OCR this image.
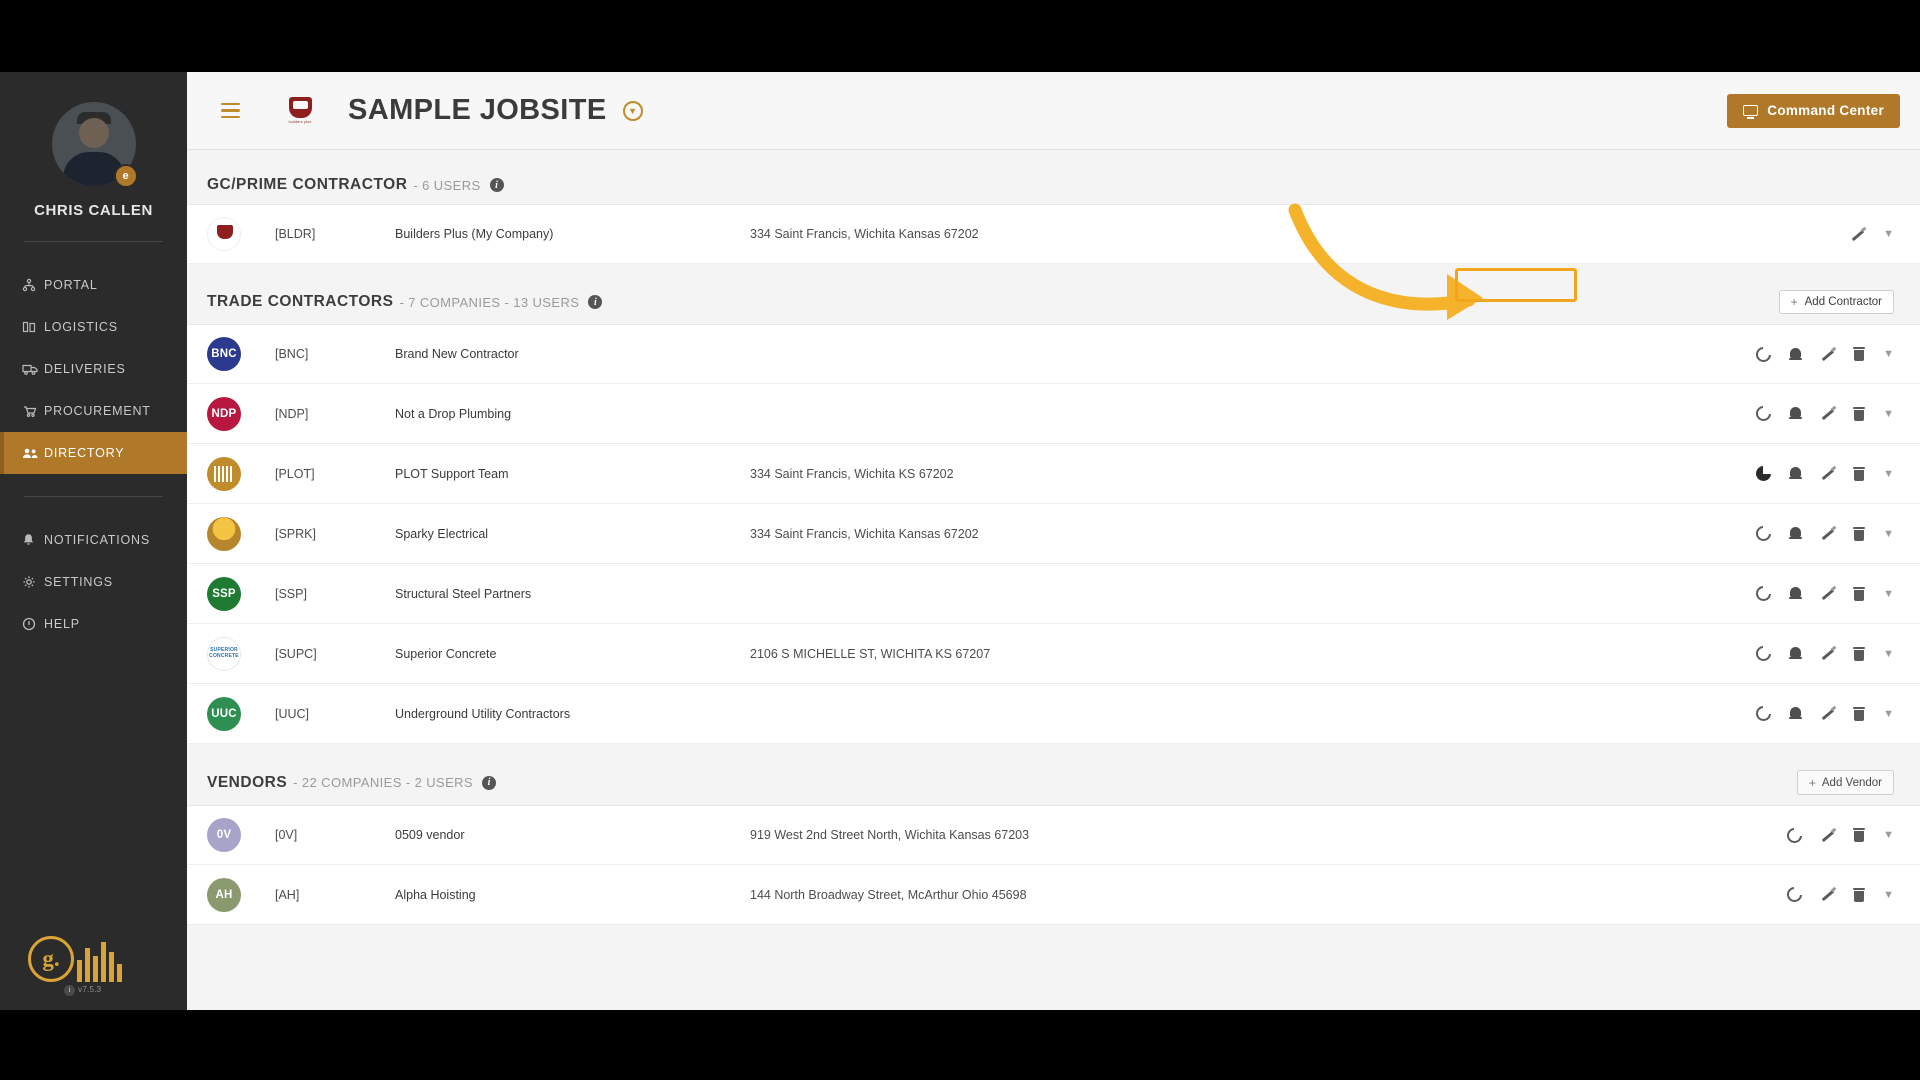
e
CHRIS CALLEN
PORTAL
LOGISTICS
DELIVERIES
PROCUREMENT
DIRECTORY
NOTIFICATIONS
SETTINGS
HELP
g.
i v7.5.3
builders plus SAMPLE JOBSITE	▼	Command Center
GC/PRIME CONTRACTOR - 6 USERS	i
[BLDR]	Builders Plus (My Company)	334 Saint Francis, Wichita Kansas 67202	▼
TRADE CONTRACTORS - 7 COMPANIES - 13 USERS	i	+ Add Contractor
BNC	[BNC]	Brand New Contractor	▼
NDP	[NDP]	Not a Drop Plumbing	▼
[PLOT]	PLOT Support Team	334 Saint Francis, Wichita KS 67202	▼
[SPRK]	Sparky Electrical	334 Saint Francis, Wichita Kansas 67202	▼
SSP	[SSP]	Structural Steel Partners	▼
SUPERIOR CONCRETE	[SUPC]	Superior Concrete	2106 S MICHELLE ST, WICHITA KS 67207	▼
UUC	[UUC]	Underground Utility Contractors	▼
VENDORS - 22 COMPANIES - 2 USERS	i	+ Add Vendor
0V	[0V]	0509 vendor	919 West 2nd Street North, Wichita Kansas 67203	▼
AH	[AH]	Alpha Hoisting	144 North Broadway Street, McArthur Ohio 45698	▼
